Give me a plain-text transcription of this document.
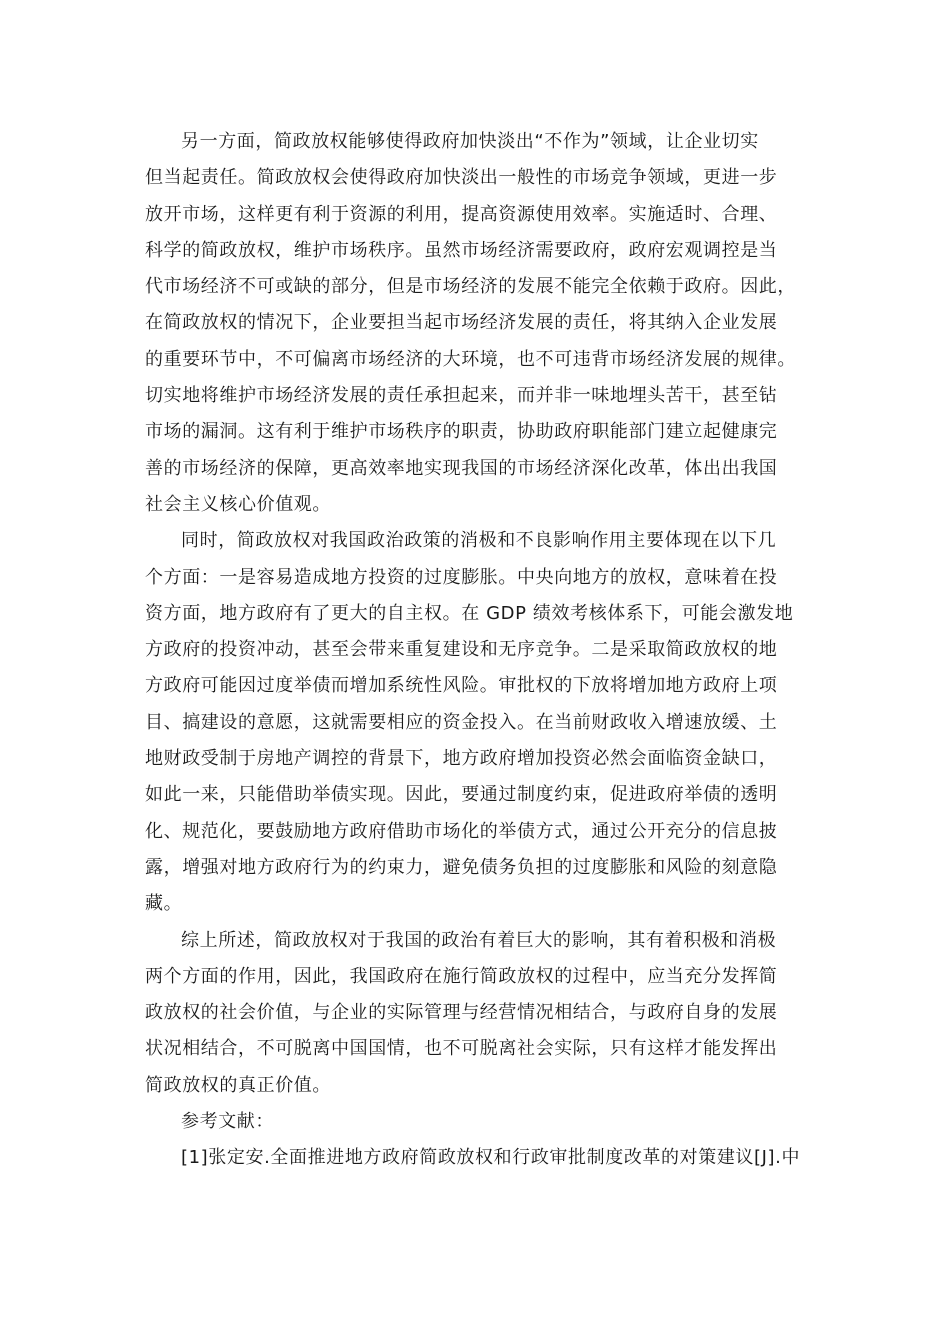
另一方面，简政放权能够使得政府加快淡出“不作为”领域，让企业切实
但当起责任。简政放权会使得政府加快淡出一般性的市场竞争领域，更进一步
放开市场，这样更有利于资源的利用，提高资源使用效率。实施适时、合理、
科学的简政放权，维护市场秩序。虽然市场经济需要政府，政府宏观调控是当
代市场经济不可或缺的部分，但是市场经济的发展不能完全依赖于政府。因此，
在简政放权的情况下，企业要担当起市场经济发展的责任，将其纳入企业发展
的重要环节中，不可偏离市场经济的大环境，也不可违背市场经济发展的规律。
切实地将维护市场经济发展的责任承担起来，而并非一味地埋头苦干，甚至钻
市场的漏洞。这有利于维护市场秩序的职责，协助政府职能部门建立起健康完
善的市场经济的保障，更高效率地实现我国的市场经济深化改革，体出出我国
社会主义核心价值观。
同时，简政放权对我国政治政策的消极和不良影响作用主要体现在以下几
个方面：一是容易造成地方投资的过度膨胀。中央向地方的放权，意味着在投
资方面，地方政府有了更大的自主权。在 GDP 绩效考核体系下，可能会激发地
方政府的投资冲动，甚至会带来重复建设和无序竞争。二是采取简政放权的地
方政府可能因过度举债而增加系统性风险。审批权的下放将增加地方政府上项
目、搞建设的意愿，这就需要相应的资金投入。在当前财政收入增速放缓、土
地财政受制于房地产调控的背景下，地方政府增加投资必然会面临资金缺口，
如此一来，只能借助举债实现。因此，要通过制度约束，促进政府举债的透明
化、规范化，要鼓励地方政府借助市场化的举债方式，通过公开充分的信息披
露，增强对地方政府行为的约束力，避免债务负担的过度膨胀和风险的刻意隐
藏。
综上所述，简政放权对于我国的政治有着巨大的影响，其有着积极和消极
两个方面的作用，因此，我国政府在施行简政放权的过程中，应当充分发挥简
政放权的社会价值，与企业的实际管理与经营情况相结合，与政府自身的发展
状况相结合，不可脱离中国国情，也不可脱离社会实际，只有这样才能发挥出
简政放权的真正价值。
参考文献：
[1]张定安.全面推进地方政府简政放权和行政审批制度改革的对策建议[J].中
